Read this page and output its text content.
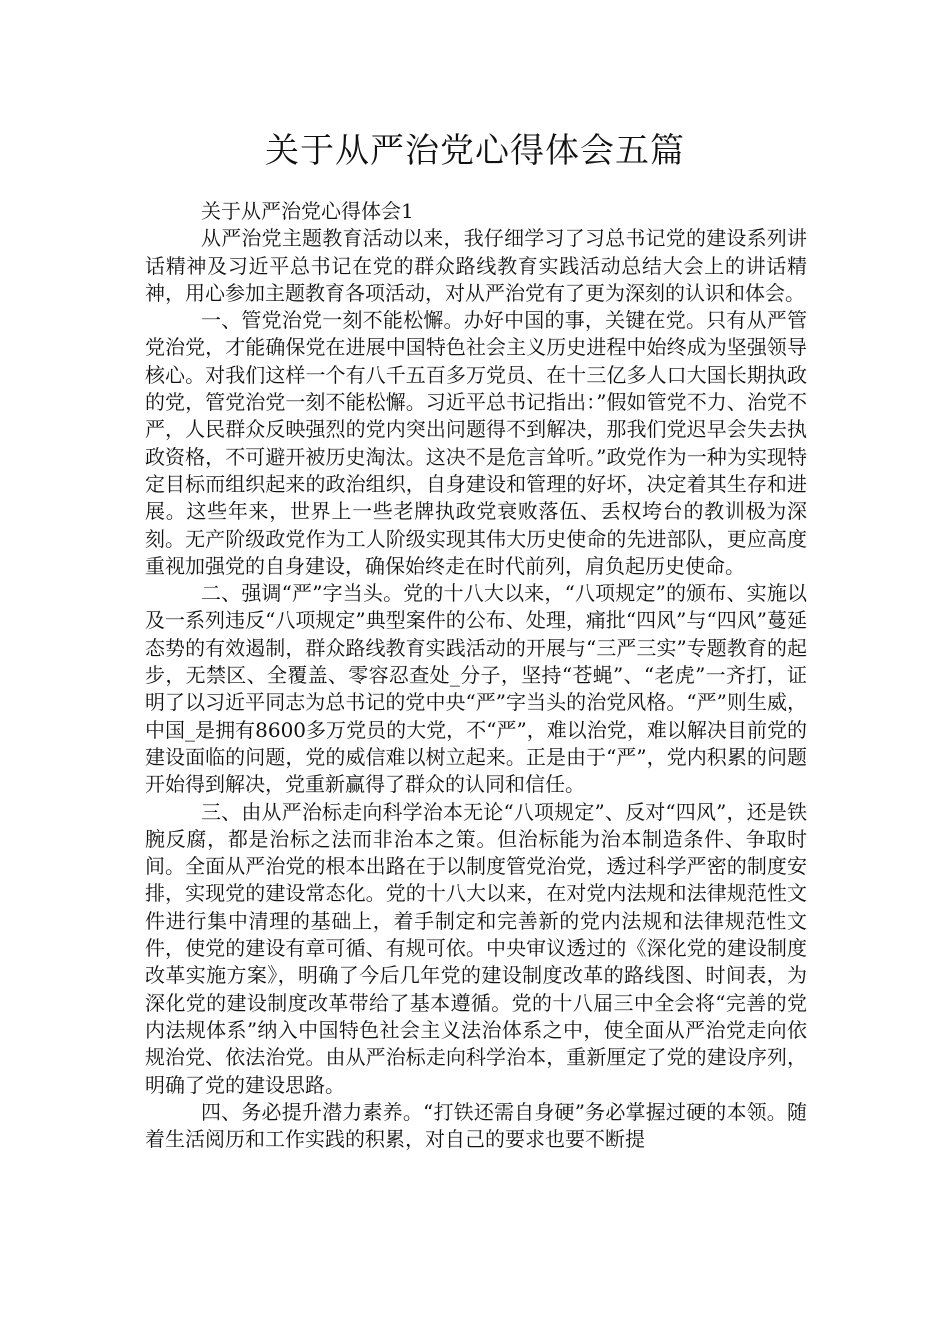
关于从严治党心得体会五篇

关于从严治党心得体会1

从严治党主题教育活动以来，我仔细学习了习总书记党的建设系列讲话精神及习近平总书记在党的群众路线教育实践活动总结大会上的讲话精神，用心参加主题教育各项活动，对从严治党有了更为深刻的认识和体会。

一、管党治党一刻不能松懈。办好中国的事，关键在党。只有从严管党治党，才能确保党在进展中国特色社会主义历史进程中始终成为坚强领导核心。对我们这样一个有八千五百多万党员、在十三亿多人口大国长期执政的党，管党治党一刻不能松懈。习近平总书记指出：”假如管党不力、治党不严，人民群众反映强烈的党内突出问题得不到解决，那我们党迟早会失去执政资格，不可避开被历史淘汰。这决不是危言耸听。”政党作为一种为实现特定目标而组织起来的政治组织，自身建设和管理的好坏，决定着其生存和进展。这些年来，世界上一些老牌执政党衰败落伍、丢权垮台的教训极为深刻。无产阶级政党作为工人阶级实现其伟大历史使命的先进部队，更应高度重视加强党的自身建设，确保始终走在时代前列，肩负起历史使命。

二、强调“严”字当头。党的十八大以来，“八项规定”的颁布、实施以及一系列违反“八项规定”典型案件的公布、处理，痛批“四风”与“四风”蔓延态势的有效遏制，群众路线教育实践活动的开展与“三严三实”专题教育的起步，无禁区、全覆盖、零容忍查处_分子，坚持“苍蝇”、“老虎”一齐打，证明了以习近平同志为总书记的党中央“严”字当头的治党风格。“严”则生威，中国_是拥有8600多万党员的大党，不“严”，难以治党，难以解决目前党的建设面临的问题，党的威信难以树立起来。正是由于“严”，党内积累的问题开始得到解决，党重新赢得了群众的认同和信任。

三、由从严治标走向科学治本无论“八项规定”、反对“四风”，还是铁腕反腐，都是治标之法而非治本之策。但治标能为治本制造条件、争取时间。全面从严治党的根本出路在于以制度管党治党，透过科学严密的制度安排，实现党的建设常态化。党的十八大以来，在对党内法规和法律规范性文件进行集中清理的基础上，着手制定和完善新的党内法规和法律规范性文件，使党的建设有章可循、有规可依。中央审议透过的《深化党的建设制度改革实施方案》，明确了今后几年党的建设制度改革的路线图、时间表，为深化党的建设制度改革带给了基本遵循。党的十八届三中全会将“完善的党内法规体系”纳入中国特色社会主义法治体系之中，使全面从严治党走向依规治党、依法治党。由从严治标走向科学治本，重新厘定了党的建设序列，明确了党的建设思路。

四、务必提升潜力素养。“打铁还需自身硬”务必掌握过硬的本领。随着生活阅历和工作实践的积累，对自己的要求也要不断提
